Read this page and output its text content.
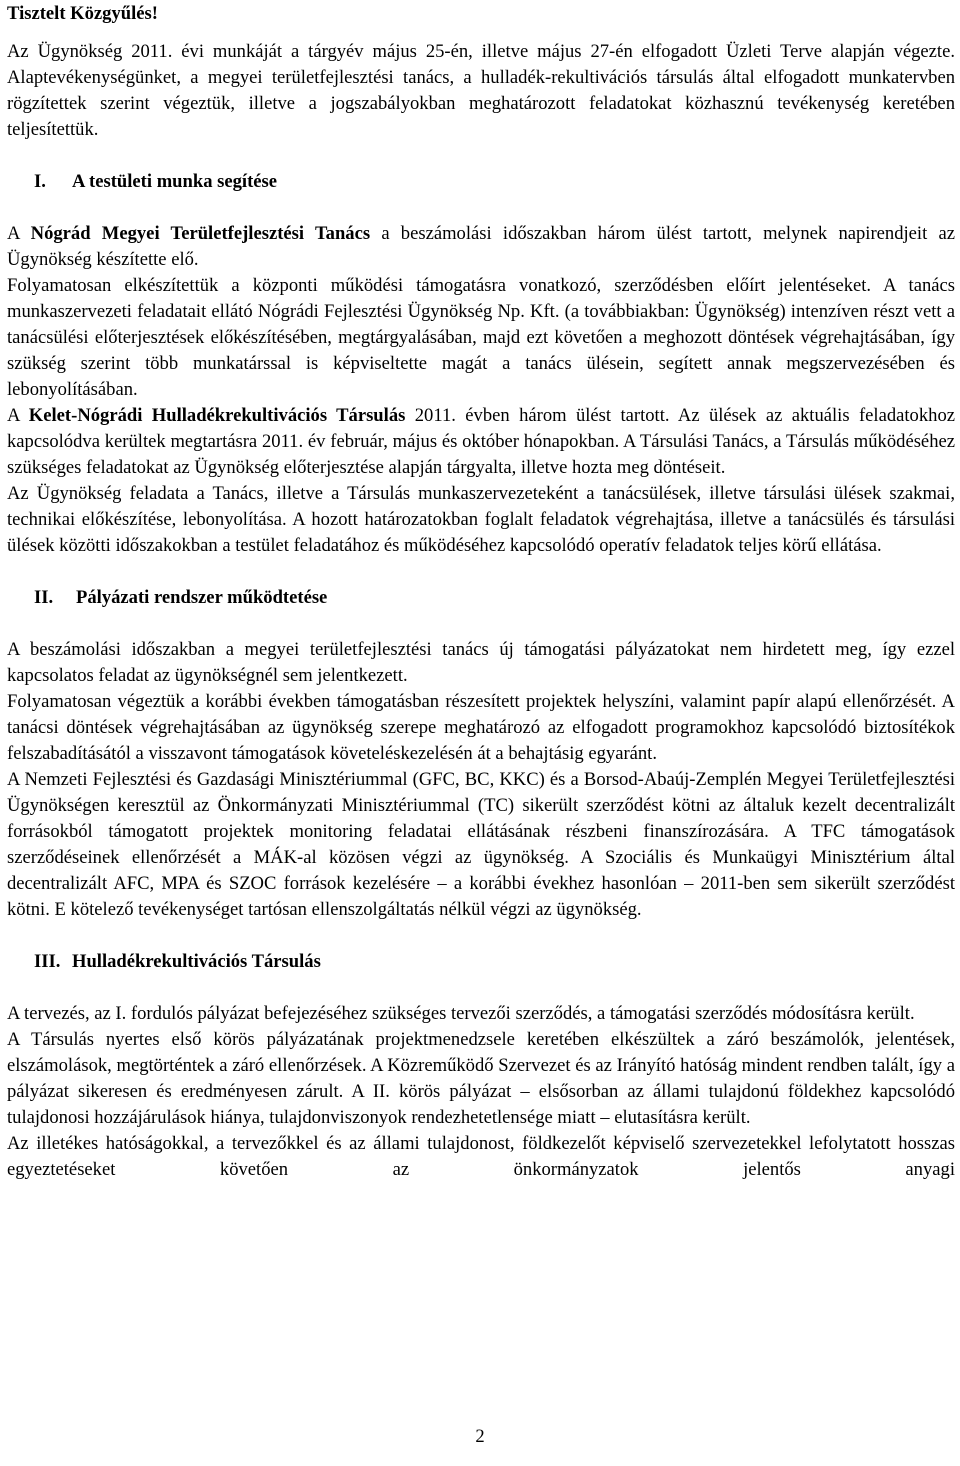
Tisztelt Közgyűlés!

Az Ügynökség 2011. évi munkáját a tárgyév május 25-én, illetve május 27-én elfogadott Üzleti Terve alapján végezte. Alaptevékenységünket, a megyei területfejlesztési tanács, a hulladék-rekultivációs társulás által elfogadott munkatervben rögzítettek szerint végeztük, illetve a jogszabályokban meghatározott feladatokat közhasznú tevékenység keretében teljesítettük.

I.	A testületi munka segítése

A Nógrád Megyei Területfejlesztési Tanács a beszámolási időszakban három ülést tartott, melynek napirendjeit az Ügynökség készítette elő.

Folyamatosan elkészítettük a központi működési támogatásra vonatkozó, szerződésben előírt jelentéseket. A tanács munkaszervezeti feladatait ellátó Nógrádi Fejlesztési Ügynökség Np. Kft. (a továbbiakban: Ügynökség) intenzíven részt vett a tanácsülési előterjesztések előkészítésében, megtárgyalásában, majd ezt követően a meghozott döntések végrehajtásában, így szükség szerint több munkatárssal is képviseltette magát a tanács ülésein, segített annak megszervezésében és lebonyolításában.

A Kelet-Nógrádi Hulladékrekultivációs Társulás 2011. évben három ülést tartott. Az ülések az aktuális feladatokhoz kapcsolódva kerültek megtartásra 2011. év február, május és október hónapokban. A Társulási Tanács, a Társulás működéséhez szükséges feladatokat az Ügynökség előterjesztése alapján tárgyalta, illetve hozta meg döntéseit.

Az Ügynökség feladata a Tanács, illetve a Társulás munkaszervezeteként a tanácsülések, illetve társulási ülések szakmai, technikai előkészítése, lebonyolítása. A hozott határozatokban foglalt feladatok végrehajtása, illetve a tanácsülés és társulási ülések közötti időszakokban a testület feladatához és működéséhez kapcsolódó operatív feladatok teljes körű ellátása.

II.	Pályázati rendszer működtetése

A beszámolási időszakban a megyei területfejlesztési tanács új támogatási pályázatokat nem hirdetett meg, így ezzel kapcsolatos feladat az ügynökségnél sem jelentkezett.

Folyamatosan végeztük a korábbi években támogatásban részesített projektek helyszíni, valamint papír alapú ellenőrzését. A tanácsi döntések végrehajtásában az ügynökség szerepe meghatározó az elfogadott programokhoz kapcsolódó biztosítékok felszabadításától a visszavont támogatások követeléskezelésén át a behajtásig egyaránt.

A Nemzeti Fejlesztési és Gazdasági Minisztériummal (GFC, BC, KKC) és a Borsod-Abaúj-Zemplén Megyei Területfejlesztési Ügynökségen keresztül az Önkormányzati Minisztériummal (TC) sikerült szerződést kötni az általuk kezelt decentralizált forrásokból támogatott projektek monitoring feladatai ellátásának részbeni finanszírozására. A TFC támogatások szerződéseinek ellenőrzését a MÁK-al közösen végzi az ügynökség. A Szociális és Munkaügyi Minisztérium által decentralizált AFC, MPA és SZOC források kezelésére – a korábbi évekhez hasonlóan – 2011-ben sem sikerült szerződést kötni. E kötelező tevékenységet tartósan ellenszolgáltatás nélkül végzi az ügynökség.

III. Hulladékrekultivációs Társulás

A tervezés, az I. fordulós pályázat befejezéséhez szükséges tervezői szerződés, a támogatási szerződés módosításra került.

A Társulás nyertes első körös pályázatának projektmenedzsele keretében elkészültek a záró beszámolók, jelentések, elszámolások, megtörténtek a záró ellenőrzések. A Közreműködő Szervezet és az Irányító hatóság mindent rendben talált, így a pályázat sikeresen és eredményesen zárult. A II. körös pályázat – elsősorban az állami tulajdonú földekhez kapcsolódó tulajdonosi hozzájárulások hiánya, tulajdonviszonyok rendezhetetlensége miatt – elutasításra került.

Az illetékes hatóságokkal, a tervezőkkel és az állami tulajdonost, földkezelőt képviselő szervezetekkel lefolytatott hosszas egyeztetéseket követően az önkormányzatok jelentős anyagi

2
